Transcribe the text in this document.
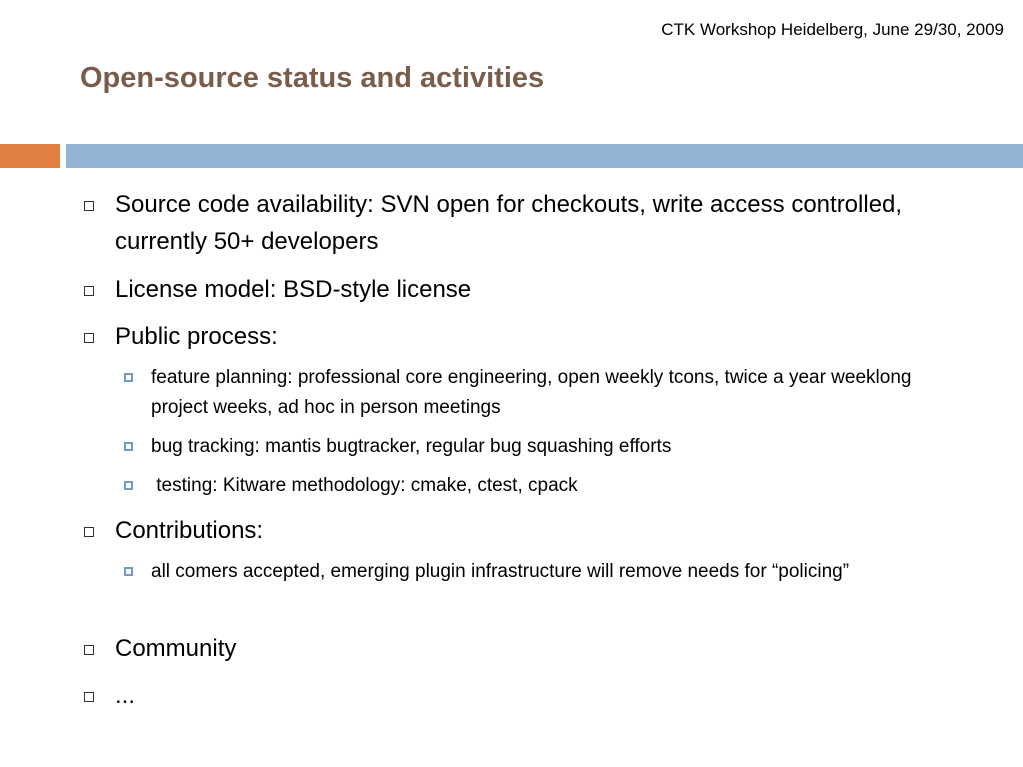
CTK Workshop Heidelberg, June 29/30, 2009
Open-source status and activities

Source code availability: SVN open for checkouts, write access controlled, currently 50+ developers

License model: BSD-style license

Public process:

feature planning: professional core engineering, open weekly tcons, twice a year weeklong project weeks, ad hoc in person meetings

bug tracking: mantis bugtracker, regular bug squashing efforts

testing: Kitware methodology: cmake, ctest, cpack

Contributions:

all comers accepted, emerging plugin infrastructure will remove needs for “policing”

Community

...
